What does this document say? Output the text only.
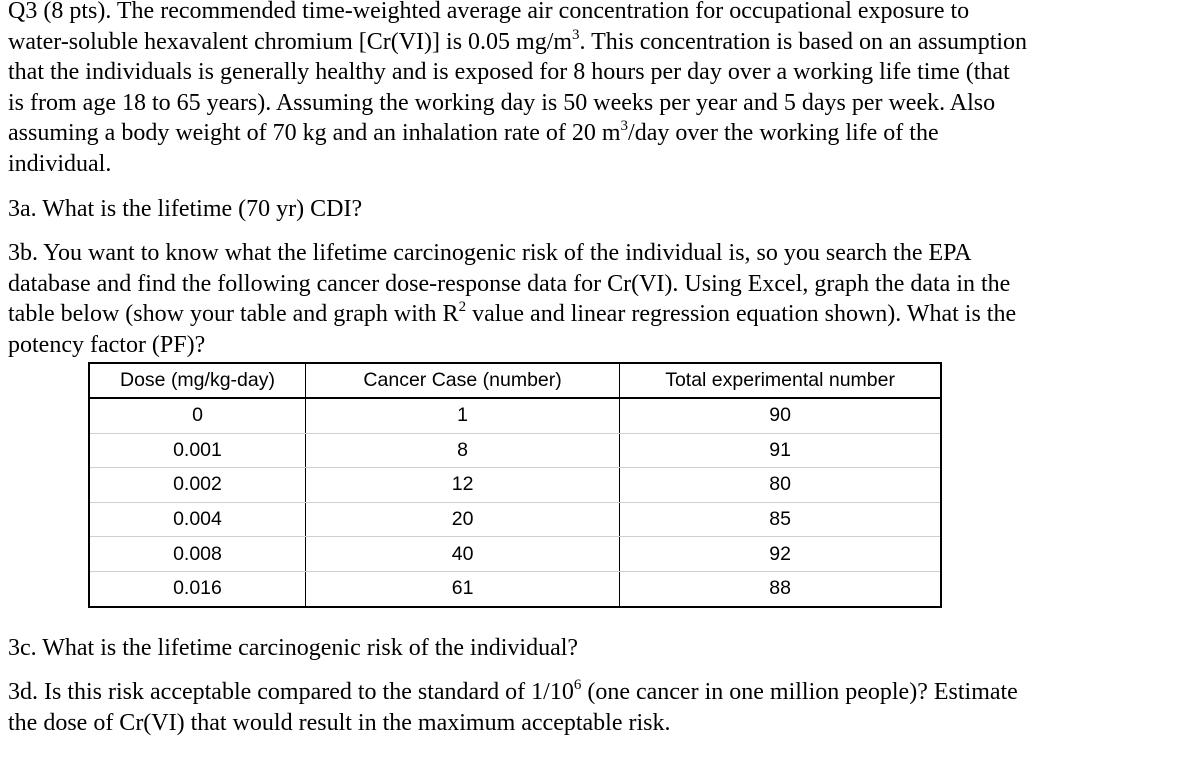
Q3 (8 pts). The recommended time-weighted average air concentration for occupational exposure to
water-soluble hexavalent chromium [Cr(VI)] is 0.05 $mg/m^3$. This concentration is based on an assumption
that the individuals is generally healthy and is exposed for 8 hours per day over a working life time (that
is from age 18 to 65 years). Assuming the working day is 50 weeks per year and 5 days per week. Also
assuming a body weight of 70 kg and an inhalation rate of 20 $m^3$/day over the working life of the
individual.
3a. What is the lifetime (70 yr) CDI?
3b. You want to know what the lifetime carcinogenic risk of the individual is, so you search the EPA
database and find the following cancer dose-response data for Cr(VI). Using Excel, graph the data in the
table below (show your table and graph with $R^2$ value and linear regression equation shown). What is the
potency factor (PF)?
Dose (mg/kg-day)	Cancer Case (number)	Total experimental number
0	1	90
0.001	8	91
0.002	12	80
0.004	20	85
0.008	40	92
0.016	61	88
3c. What is the lifetime carcinogenic risk of the individual?
3d. Is this risk acceptable compared to the standard of $1/10^6$ (one cancer in one million people)? Estimate
the dose of Cr(VI) that would result in the maximum acceptable risk.
